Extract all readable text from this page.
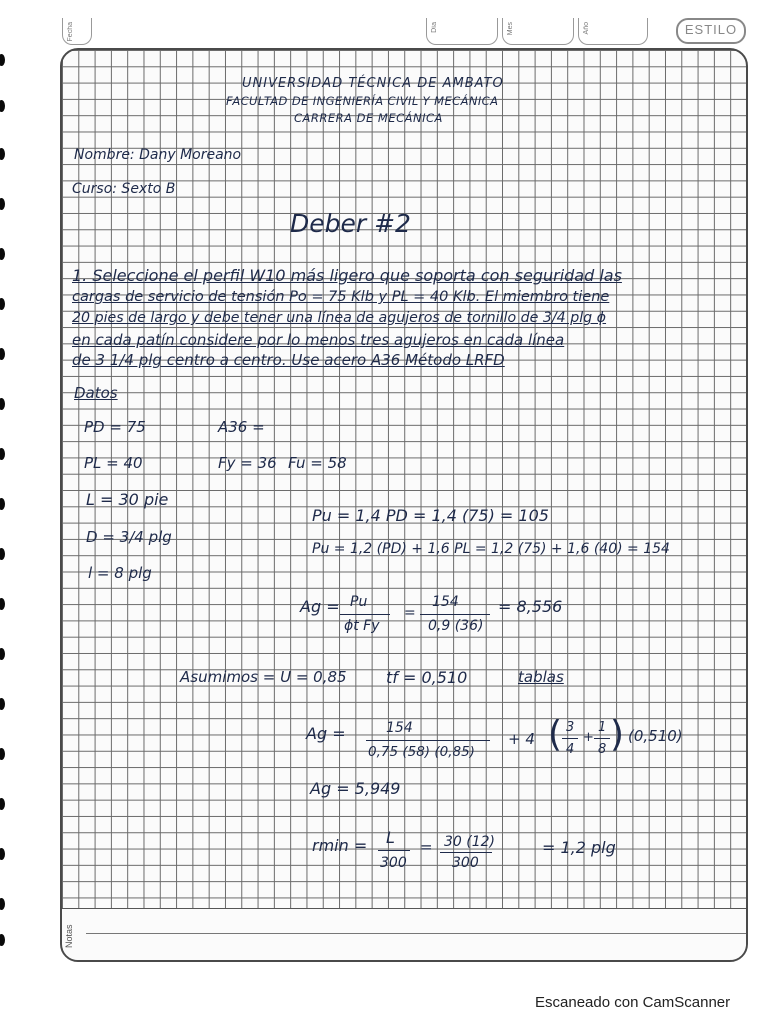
Fecha	Día	Mes	Año	ESTILO
Notas
UNIVERSIDAD TÉCNICA DE AMBATO
FACULTAD DE INGENIERÍA CIVIL Y MECÁNICA
CARRERA DE MECÁNICA
Nombre: Dany Moreano
Curso: Sexto B
Deber #2
1. Seleccione el perfil W10 más ligero que soporta con seguridad las
cargas de servicio de tensión Po = 75 Klb y PL = 40 Klb. El miembro tiene
20 pies de largo y debe tener una línea de agujeros de tornillo de 3/4 plg ϕ
en cada patín considere por lo menos tres agujeros en cada línea
de 3 1/4 plg centro a centro. Use acero A36 Método LRFD
Datos
PD = 75
PL = 40
L = 30 pie
D = 3/4 plg
l = 8 plg
A36 =
Fy = 36 Fu = 58
Pu = 1,4 PD = 1,4 (75) = 105
Pu = 1,2 (PD) + 1,6 PL = 1,2 (75) + 1,6 (40) = 154
Ag = Pu
ϕt Fy
=
154
0,9 (36)
= 8,556
Asumimos = U = 0,85 tf = 0,510	tablas
Ag =	154
0,75 (58) (0,85)
+ 4 ( 3
4
+
1
8 ) (0,510)
Ag = 5,949
rmin = L
300
= 30 (12)
300
= 1,2 plg
Escaneado con CamScanner
